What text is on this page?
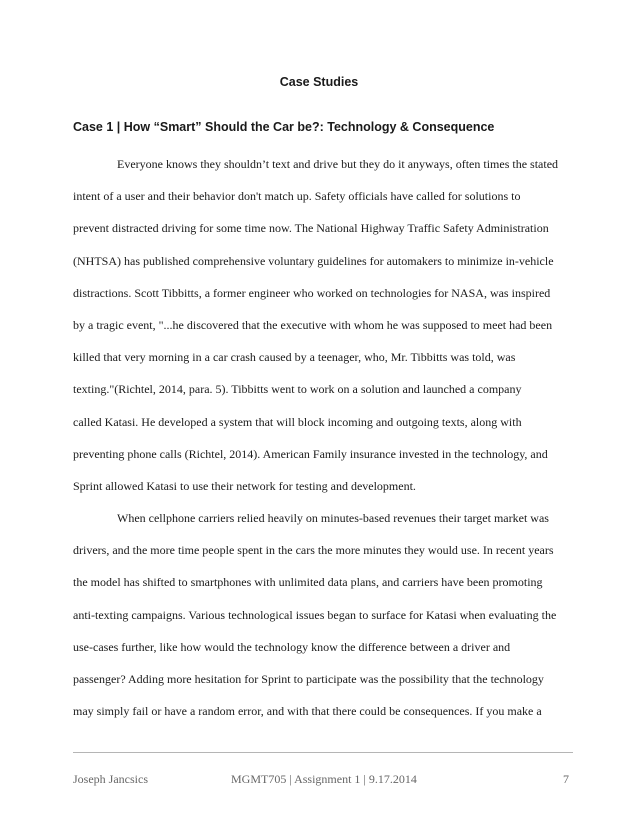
Case Studies
Case 1 | How “Smart” Should the Car be?: Technology & Consequence
Everyone knows they shouldn’t text and drive but they do it anyways, often times the stated
intent of a user and their behavior don't match up. Safety officials have called for solutions to
prevent distracted driving for some time now. The National Highway Traffic Safety Administration
(NHTSA) has published comprehensive voluntary guidelines for automakers to minimize in-vehicle
distractions. Scott Tibbitts, a former engineer who worked on technologies for NASA, was inspired
by a tragic event, "...he discovered that the executive with whom he was supposed to meet had been
killed that very morning in a car crash caused by a teenager, who, Mr. Tibbitts was told, was
texting."(Richtel, 2014, para. 5). Tibbitts went to work on a solution and launched a company
called Katasi. He developed a system that will block incoming and outgoing texts, along with
preventing phone calls (Richtel, 2014). American Family insurance invested in the technology, and
Sprint allowed Katasi to use their network for testing and development.
When cellphone carriers relied heavily on minutes-based revenues their target market was
drivers, and the more time people spent in the cars the more minutes they would use. In recent years
the model has shifted to smartphones with unlimited data plans, and carriers have been promoting
anti-texting campaigns. Various technological issues began to surface for Katasi when evaluating the
use-cases further, like how would the technology know the difference between a driver and
passenger? Adding more hesitation for Sprint to participate was the possibility that the technology
may simply fail or have a random error, and with that there could be consequences. If you make a
Joseph Jancsics	MGMT705 | Assignment 1 | 9.17.2014	7
